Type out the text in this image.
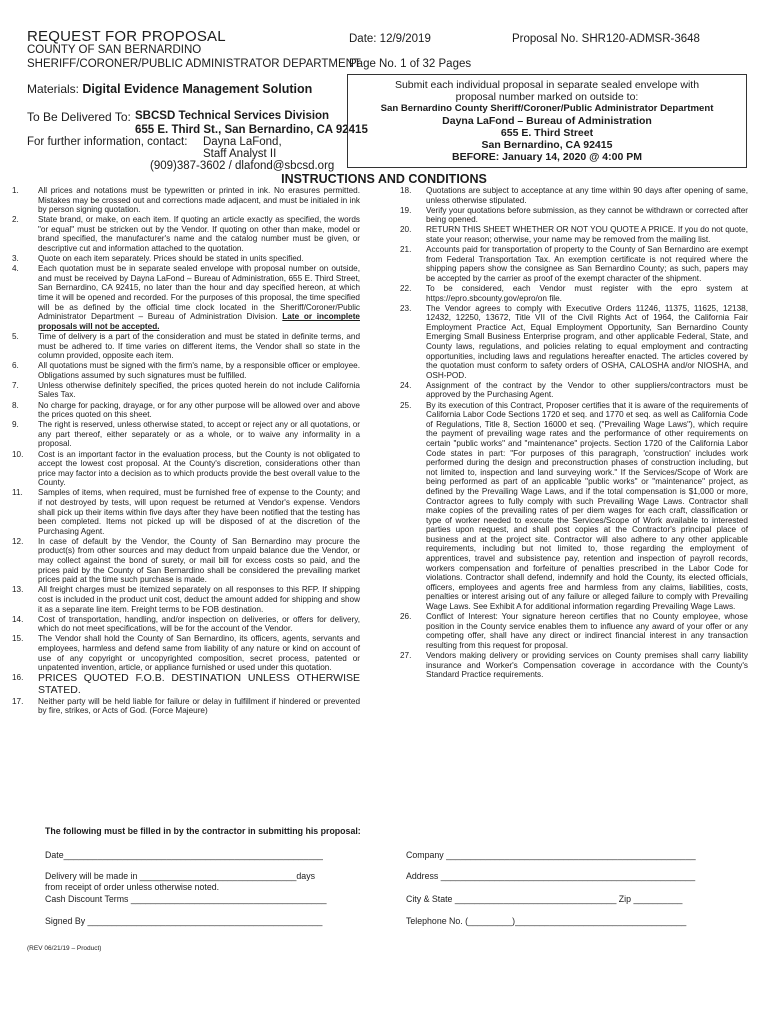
REQUEST FOR PROPOSAL
COUNTY OF SAN BERNARDINO
SHERIFF/CORONER/PUBLIC ADMINISTRATOR DEPARTMENT
Date: 12/9/2019	Proposal No. SHR120-ADMSR-3648
Page No. 1 of 32 Pages
Materials: Digital Evidence Management Solution
To Be Delivered To: SBCSD Technical Services Division
655 E. Third St., San Bernardino, CA 92415
For further information, contact: Dayna LaFond,
Staff Analyst II
(909)387-3602 / dlafond@sbcsd.org
Submit each individual proposal in separate sealed envelope with
proposal number marked on outside to:
San Bernardino County Sheriff/Coroner/Public Administrator Department
Dayna LaFond – Bureau of Administration
655 E. Third Street
San Bernardino, CA 92415
BEFORE: January 14, 2020 @ 4:00 PM
INSTRUCTIONS AND CONDITIONS
1.	All prices and notations must be typewritten or printed in ink. No erasures permitted. Mistakes may be crossed out and corrections made adjacent, and must be initialed in ink by person signing quotation.
2.	State brand, or make, on each item. If quoting an article exactly as specified, the words "or equal" must be stricken out by the Vendor. If quoting on other than make, model or brand specified, the manufacturer's name and the catalog number must be given, or descriptive cut and information attached to the quotation.
3.	Quote on each item separately. Prices should be stated in units specified.
4.	Each quotation must be in separate sealed envelope with proposal number on outside, and must be received by Dayna LaFond – Bureau of Administration, 655 E. Third Street, San Bernardino, CA 92415, no later than the hour and day specified hereon, at which time it will be opened and recorded. For the purposes of this proposal, the time specified will be as defined by the official time clock located in the Sheriff/Coroner/Public Administrator Department – Bureau of Administration Division. Late or incomplete proposals will not be accepted.
5.	Time of delivery is a part of the consideration and must be stated in definite terms, and must be adhered to. If time varies on different items, the Vendor shall so state in the column provided, opposite each item.
6.	All quotations must be signed with the firm's name, by a responsible officer or employee. Obligations assumed by such signatures must be fulfilled.
7.	Unless otherwise definitely specified, the prices quoted herein do not include California Sales Tax.
8.	No charge for packing, drayage, or for any other purpose will be allowed over and above the prices quoted on this sheet.
9.	The right is reserved, unless otherwise stated, to accept or reject any or all quotations, or any part thereof, either separately or as a whole, or to waive any informality in a proposal.
10.	Cost is an important factor in the evaluation process, but the County is not obligated to accept the lowest cost proposal. At the County's discretion, considerations other than price may factor into a decision as to which products provide the best overall value to the County.
11.	Samples of items, when required, must be furnished free of expense to the County; and if not destroyed by tests, will upon request be returned at Vendor's expense. Vendors shall pick up their items within five days after they have been notified that the testing has been completed. Items not picked up will be disposed of at the discretion of the Purchasing Agent.
12.	In case of default by the Vendor, the County of San Bernardino may procure the product(s) from other sources and may deduct from unpaid balance due the Vendor, or may collect against the bond of surety, or mail bill for excess costs so paid, and the prices paid by the County of San Bernardino shall be considered the prevailing market prices paid at the time such purchase is made.
13.	All freight charges must be itemized separately on all responses to this RFP. If shipping cost is included in the product unit cost, deduct the amount added for shipping and show it as a separate line item. Freight terms to be FOB destination.
14.	Cost of transportation, handling, and/or inspection on deliveries, or offers for delivery, which do not meet specifications, will be for the account of the Vendor.
15.	The Vendor shall hold the County of San Bernardino, its officers, agents, servants and employees, harmless and defend same from liability of any nature or kind on account of use of any copyright or uncopyrighted composition, secret process, patented or unpatented invention, article, or appliance furnished or used under this quotation.
16.	PRICES QUOTED F.O.B. DESTINATION UNLESS OTHERWISE STATED.
17.	Neither party will be held liable for failure or delay in fulfillment if hindered or prevented by fire, strikes, or Acts of God. (Force Majeure)
18.	Quotations are subject to acceptance at any time within 90 days after opening of same, unless otherwise stipulated.
19.	Verify your quotations before submission, as they cannot be withdrawn or corrected after being opened.
20.	RETURN THIS SHEET WHETHER OR NOT YOU QUOTE A PRICE. If you do not quote, state your reason; otherwise, your name may be removed from the mailing list.
21.	Accounts paid for transportation of property to the County of San Bernardino are exempt from Federal Transportation Tax. An exemption certificate is not required where the shipping papers show the consignee as San Bernardino County; as such, papers may be accepted by the carrier as proof of the exempt character of the shipment.
22.	To be considered, each Vendor must register with the epro system at https://epro.sbcounty.gov/epro/on file.
23.	The Vendor agrees to comply with Executive Orders 11246, 11375, 11625, 12138, 12432, 12250, 13672, Title VII of the Civil Rights Act of 1964, the California Fair Employment Practice Act, Equal Employment Opportunity, San Bernardino County Emerging Small Business Enterprise program, and other applicable Federal, State, and County laws, regulations, and policies relating to equal employment and contracting opportunities, including laws and regulations hereafter enacted. The articles covered by the quotation must conform to safety orders of OSHA, CALOSHA and/or NIOSHA, and OSH-POD.
24.	Assignment of the contract by the Vendor to other suppliers/contractors must be approved by the Purchasing Agent.
25.	By its execution of this Contract, Proposer certifies that it is aware of the requirements of California Labor Code Sections 1720 et seq. and 1770 et seq. as well as California Code of Regulations, Title 8, Section 16000 et seq. ("Prevailing Wage Laws"), which require the payment of prevailing wage rates and the performance of other requirements on certain "public works" and "maintenance" projects. Section 1720 of the California Labor Code states in part: "For purposes of this paragraph, 'construction' includes work performed during the design and preconstruction phases of construction including, but not limited to, inspection and land surveying work." If the Services/Scope of Work are being performed as part of an applicable "public works" or "maintenance" project, as defined by the Prevailing Wage Laws, and if the total compensation is $1,000 or more, Contractor agrees to fully comply with such Prevailing Wage Laws. Contractor shall make copies of the prevailing rates of per diem wages for each craft, classification or type of worker needed to execute the Services/Scope of Work available to interested parties upon request, and shall post copies at the Contractor's principal place of business and at the project site. Contractor will also adhere to any other applicable requirements, including but not limited to, those regarding the employment of apprentices, travel and subsistence pay, retention and inspection of payroll records, workers compensation and forfeiture of penalties prescribed in the Labor Code for violations. Contractor shall defend, indemnify and hold the County, its elected officials, officers, employees and agents free and harmless from any claims, liabilities, costs, penalties or interest arising out of any failure or alleged failure to comply with Prevailing Wage Laws. See Exhibit A for additional information regarding Prevailing Wage Laws.
26.	Conflict of Interest: Your signature hereon certifies that no County employee, whose position in the County service enables them to influence any award of your offer or any competing offer, shall have any direct or indirect financial interest in any transaction resulting from this request for proposal.
27.	Vendors making delivery or providing services on County premises shall carry liability insurance and Worker's Compensation coverage in accordance with the County's Standard Practice requirements.
The following must be filled in by the contractor in submitting his proposal:
Date_____________________________________________________
Delivery will be made in ________________________________days
from receipt of order unless otherwise noted.
Cash Discount Terms ________________________________________
Signed By ________________________________________________
Company ___________________________________________________
Address ____________________________________________________
City & State _________________________________ Zip __________
Telephone No. (_________)___________________________________
(REV 06/21/19 – Product)
